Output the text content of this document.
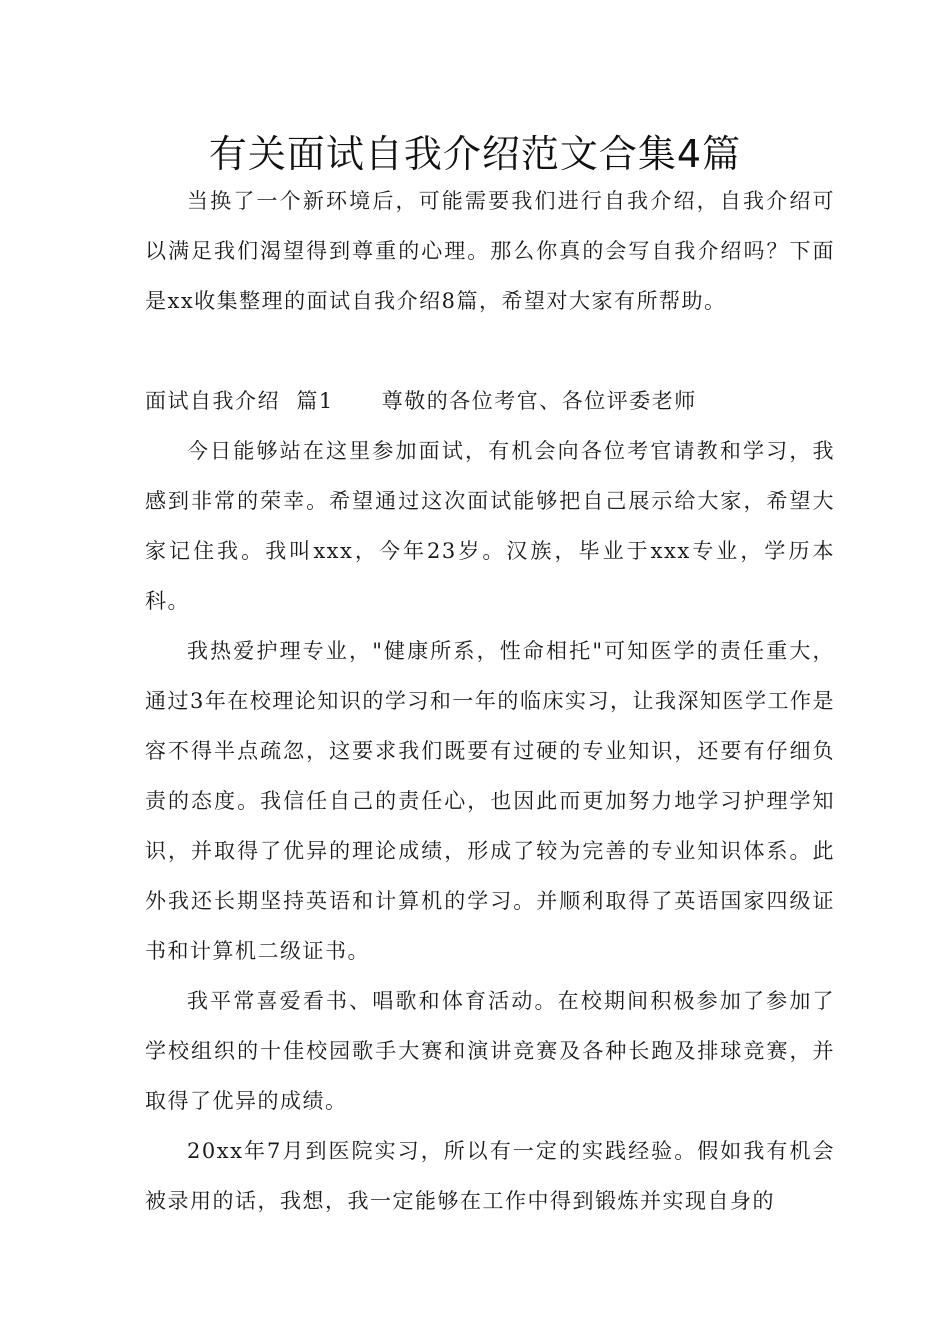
有关面试自我介绍范文合集4篇

当换了一个新环境后，可能需要我们进行自我介绍，自我介绍可以满足我们渴望得到尊重的心理。那么你真的会写自我介绍吗？下面是xx收集整理的面试自我介绍8篇，希望对大家有所帮助。

面试自我介绍  篇1 尊敬的各位考官、各位评委老师

今日能够站在这里参加面试，有机会向各位考官请教和学习，我感到非常的荣幸。希望通过这次面试能够把自己展示给大家，希望大家记住我。我叫xxx，今年23岁。汉族，毕业于xxx专业，学历本科。

我热爱护理专业，"健康所系，性命相托"可知医学的责任重大，通过3年在校理论知识的学习和一年的临床实习，让我深知医学工作是容不得半点疏忽，这要求我们既要有过硬的专业知识，还要有仔细负责的态度。我信任自己的责任心，也因此而更加努力地学习护理学知识，并取得了优异的理论成绩，形成了较为完善的专业知识体系。此外我还长期坚持英语和计算机的学习。并顺利取得了英语国家四级证书和计算机二级证书。

我平常喜爱看书、唱歌和体育活动。在校期间积极参加了参加了学校组织的十佳校园歌手大赛和演讲竞赛及各种长跑及排球竞赛，并取得了优异的成绩。

20xx年7月到医院实习，所以有一定的实践经验。假如我有机会被录用的话，我想，我一定能够在工作中得到锻炼并实现自身的
